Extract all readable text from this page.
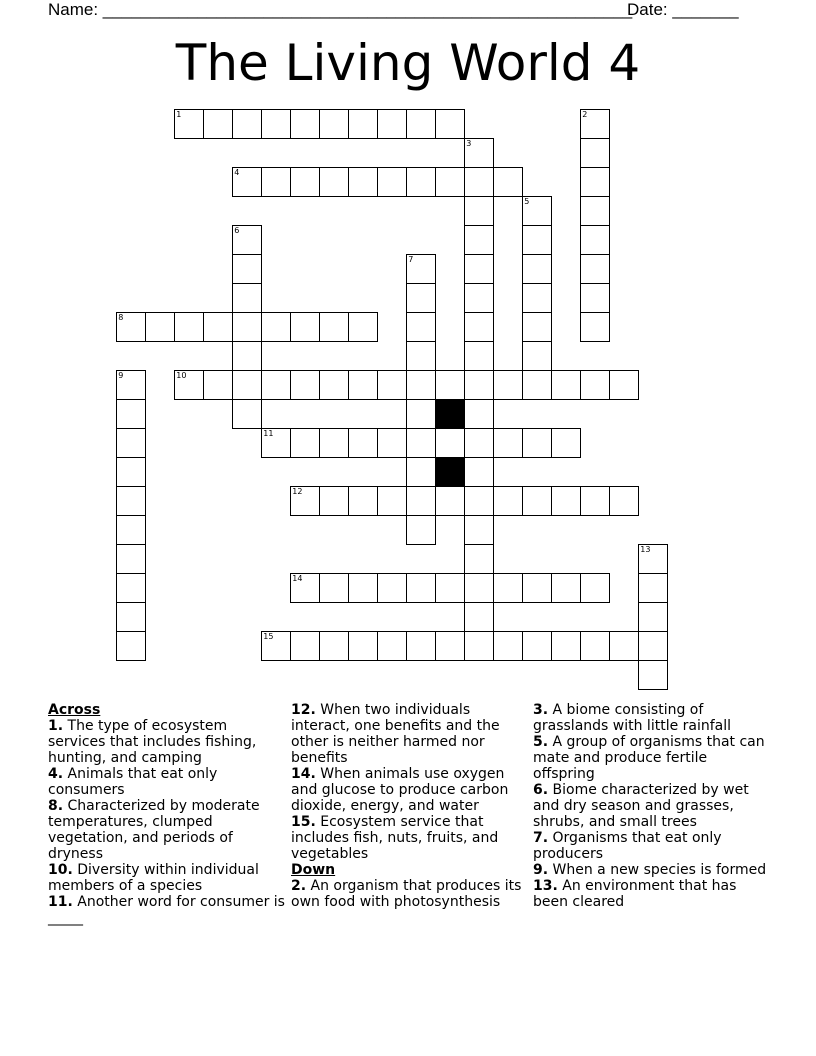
Name: ________________________________________________________
Date: _______
The Living World 4
1	2
3
4
5
6
7
8
9	10
11
12
13
14
15
Across
1. The type of ecosystem services that includes fishing, hunting, and camping
4. Animals that eat only consumers
8. Characterized by moderate temperatures, clumped vegetation, and periods of dryness
10. Diversity within individual members of a species
11. Another word for consumer is _____
12. When two individuals interact, one benefits and the other is neither harmed nor benefits
14. When animals use oxygen and glucose to produce carbon dioxide, energy, and water
15. Ecosystem service that includes fish, nuts, fruits, and vegetables
Down
2. An organism that produces its own food with photosynthesis
3. A biome consisting of grasslands with little rainfall
5. A group of organisms that can mate and produce fertile offspring
6. Biome characterized by wet and dry season and grasses, shrubs, and small trees
7. Organisms that eat only producers
9. When a new species is formed
13. An environment that has been cleared
